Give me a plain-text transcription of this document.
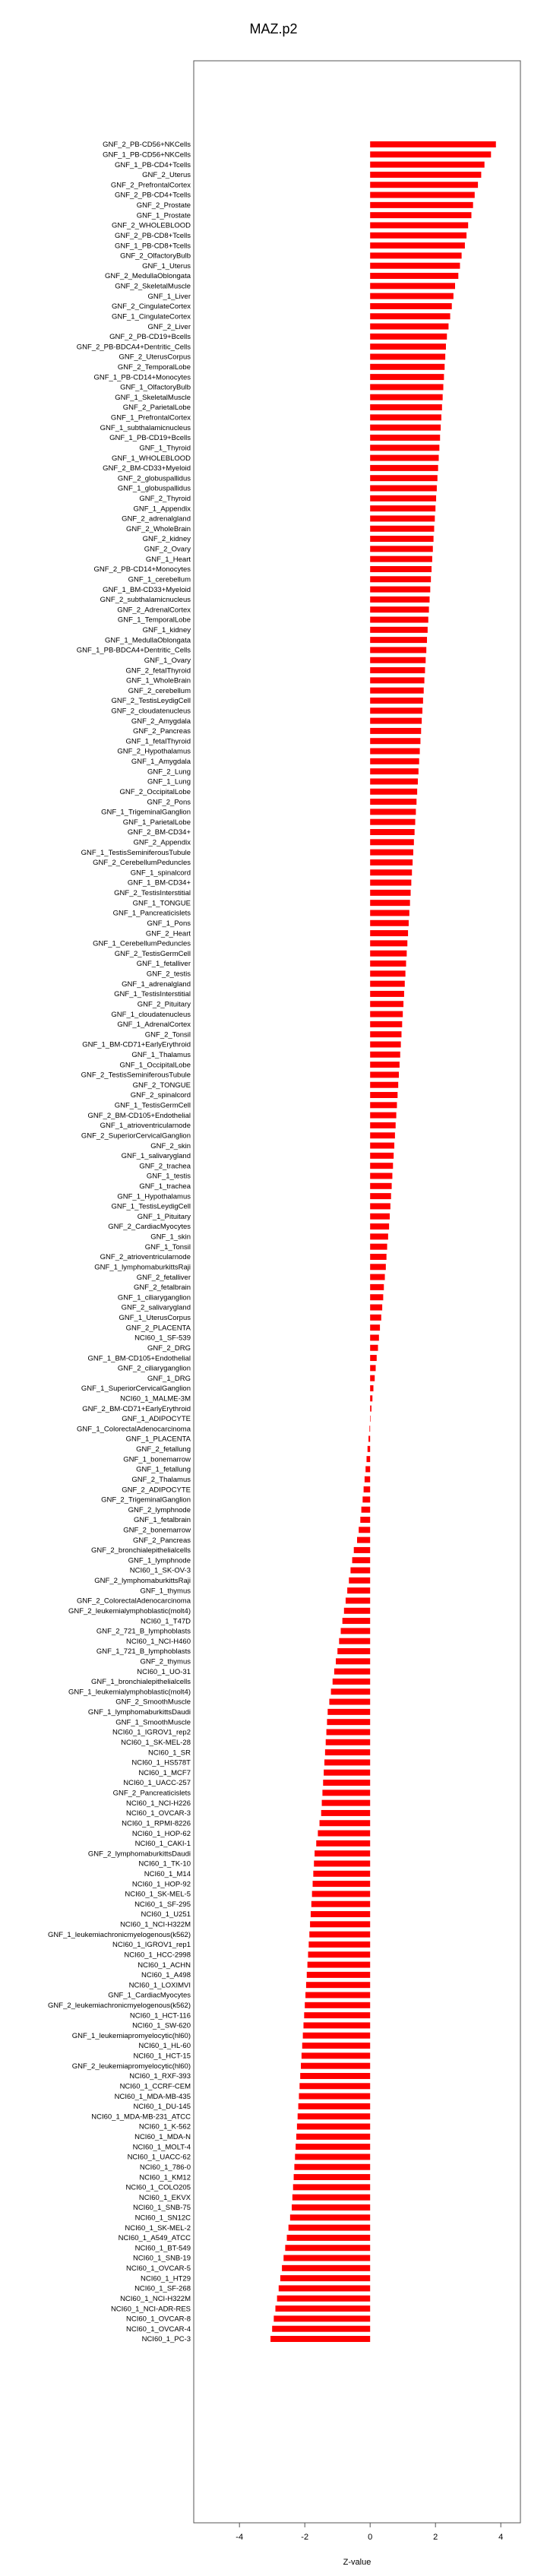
MAZ.p2
GNF_2_PB-CD56+NKCells
GNF_1_PB-CD56+NKCells
GNF_1_PB-CD4+Tcells
GNF_2_Uterus
GNF_2_PrefrontalCortex
GNF_2_PB-CD4+Tcells
GNF_2_Prostate
GNF_1_Prostate
GNF_2_WHOLEBLOOD
GNF_2_PB-CD8+Tcells
GNF_1_PB-CD8+Tcells
GNF_2_OlfactoryBulb
GNF_1_Uterus
GNF_2_MedullaOblongata
GNF_2_SkeletalMuscle
GNF_1_Liver
GNF_2_CingulateCortex
GNF_1_CingulateCortex
GNF_2_Liver
GNF_2_PB-CD19+Bcells
GNF_2_PB-BDCA4+Dentritic_Cells
GNF_2_UterusCorpus
GNF_2_TemporalLobe
GNF_1_PB-CD14+Monocytes
GNF_1_OlfactoryBulb
GNF_1_SkeletalMuscle
GNF_2_ParietalLobe
GNF_1_PrefrontalCortex
GNF_1_subthalamicnucleus
GNF_1_PB-CD19+Bcells
GNF_1_Thyroid
GNF_1_WHOLEBLOOD
GNF_2_BM-CD33+Myeloid
GNF_2_globuspallidus
GNF_1_globuspallidus
GNF_2_Thyroid
GNF_1_Appendix
GNF_2_adrenalgland
GNF_2_WholeBrain
GNF_2_kidney
GNF_2_Ovary
GNF_1_Heart
GNF_2_PB-CD14+Monocytes
GNF_1_cerebellum
GNF_1_BM-CD33+Myeloid
GNF_2_subthalamicnucleus
GNF_2_AdrenalCortex
GNF_1_TemporalLobe
GNF_1_kidney
GNF_1_MedullaOblongata
GNF_1_PB-BDCA4+Dentritic_Cells
GNF_1_Ovary
GNF_2_fetalThyroid
GNF_1_WholeBrain
GNF_2_cerebellum
GNF_2_TestisLeydigCell
GNF_2_cloudatenucleus
GNF_2_Amygdala
GNF_2_Pancreas
GNF_1_fetalThyroid
GNF_2_Hypothalamus
GNF_1_Amygdala
GNF_2_Lung
GNF_1_Lung
GNF_2_OccipitalLobe
GNF_2_Pons
GNF_1_TrigeminalGanglion
GNF_1_ParietalLobe
GNF_2_BM-CD34+
GNF_2_Appendix
GNF_1_TestisSeminiferousTubule
GNF_2_CerebellumPeduncles
GNF_1_spinalcord
GNF_1_BM-CD34+
GNF_2_TestisInterstitial
GNF_1_TONGUE
GNF_1_Pancreaticislets
GNF_1_Pons
GNF_2_Heart
GNF_1_CerebellumPeduncles
GNF_2_TestisGermCell
GNF_1_fetalliver
GNF_2_testis
GNF_1_adrenalgland
GNF_1_TestisInterstitial
GNF_2_Pituitary
GNF_1_cloudatenucleus
GNF_1_AdrenalCortex
GNF_2_Tonsil
GNF_1_BM-CD71+EarlyErythroid
GNF_1_Thalamus
GNF_1_OccipitalLobe
GNF_2_TestisSeminiferousTubule
GNF_2_TONGUE
GNF_2_spinalcord
GNF_1_TestisGermCell
GNF_2_BM-CD105+Endothelial
GNF_1_atrioventricularnode
GNF_2_SuperiorCervicalGanglion
GNF_2_skin
GNF_1_salivarygland
GNF_2_trachea
GNF_1_testis
GNF_1_trachea
GNF_1_Hypothalamus
GNF_1_TestisLeydigCell
GNF_1_Pituitary
GNF_2_CardiacMyocytes
GNF_1_skin
GNF_1_Tonsil
GNF_2_atrioventricularnode
GNF_1_lymphomaburkittsRaji
GNF_2_fetalliver
GNF_2_fetalbrain
GNF_1_ciliaryganglion
GNF_2_salivarygland
GNF_1_UterusCorpus
GNF_2_PLACENTA
NCI60_1_SF-539
GNF_2_DRG
GNF_1_BM-CD105+Endothelial
GNF_2_ciliaryganglion
GNF_1_DRG
GNF_1_SuperiorCervicalGanglion
NCI60_1_MALME-3M
GNF_2_BM-CD71+EarlyErythroid
GNF_1_ADIPOCYTE
GNF_1_ColorectalAdenocarcinoma
GNF_1_PLACENTA
GNF_2_fetallung
GNF_1_bonemarrow
GNF_1_fetallung
GNF_2_Thalamus
GNF_2_ADIPOCYTE
GNF_2_TrigeminalGanglion
GNF_2_lymphnode
GNF_1_fetalbrain
GNF_2_bonemarrow
GNF_2_Pancreas
GNF_2_bronchialepithelialcells
GNF_1_lymphnode
NCI60_1_SK-OV-3
GNF_2_lymphomaburkittsRaji
GNF_1_thymus
GNF_2_ColorectalAdenocarcinoma
GNF_2_leukemialymphoblastic(molt4)
NCI60_1_T47D
GNF_2_721_B_lymphoblasts
NCI60_1_NCI-H460
GNF_1_721_B_lymphoblasts
GNF_2_thymus
NCI60_1_UO-31
GNF_1_bronchialepithelialcells
GNF_1_leukemialymphoblastic(molt4)
GNF_2_SmoothMuscle
GNF_1_lymphomaburkittsDaudi
GNF_1_SmoothMuscle
NCI60_1_IGROV1_rep2
NCI60_1_SK-MEL-28
NCI60_1_SR
NCI60_1_HS578T
NCI60_1_MCF7
NCI60_1_UACC-257
GNF_2_Pancreaticislets
NCI60_1_NCI-H226
NCI60_1_OVCAR-3
NCI60_1_RPMI-8226
NCI60_1_HOP-62
NCI60_1_CAKI-1
GNF_2_lymphomaburkittsDaudi
NCI60_1_TK-10
NCI60_1_M14
NCI60_1_HOP-92
NCI60_1_SK-MEL-5
NCI60_1_SF-295
NCI60_1_U251
NCI60_1_NCI-H322M
GNF_1_leukemiachronicmyelogenous(k562)
NCI60_1_IGROV1_rep1
NCI60_1_HCC-2998
NCI60_1_ACHN
NCI60_1_A498
NCI60_1_LOXIMVI
GNF_1_CardiacMyocytes
GNF_2_leukemiachronicmyelogenous(k562)
NCI60_1_HCT-116
NCI60_1_SW-620
GNF_1_leukemiapromyelocytic(hl60)
NCI60_1_HL-60
NCI60_1_HCT-15
GNF_2_leukemiapromyelocytic(hl60)
NCI60_1_RXF-393
NCI60_1_CCRF-CEM
NCI60_1_MDA-MB-435
NCI60_1_DU-145
NCI60_1_MDA-MB-231_ATCC
NCI60_1_K-562
NCI60_1_MDA-N
NCI60_1_MOLT-4
NCI60_1_UACC-62
NCI60_1_786-0
NCI60_1_KM12
NCI60_1_COLO205
NCI60_1_EKVX
NCI60_1_SNB-75
NCI60_1_SN12C
NCI60_1_SK-MEL-2
NCI60_1_A549_ATCC
NCI60_1_BT-549
NCI60_1_SNB-19
NCI60_1_OVCAR-5
NCI60_1_HT29
NCI60_1_SF-268
NCI60_1_NCI-H322M
NCI60_1_NCI-ADR-RES
NCI60_1_OVCAR-8
NCI60_1_OVCAR-4
NCI60_1_PC-3
-4	-2	0	2	4
Z-value
